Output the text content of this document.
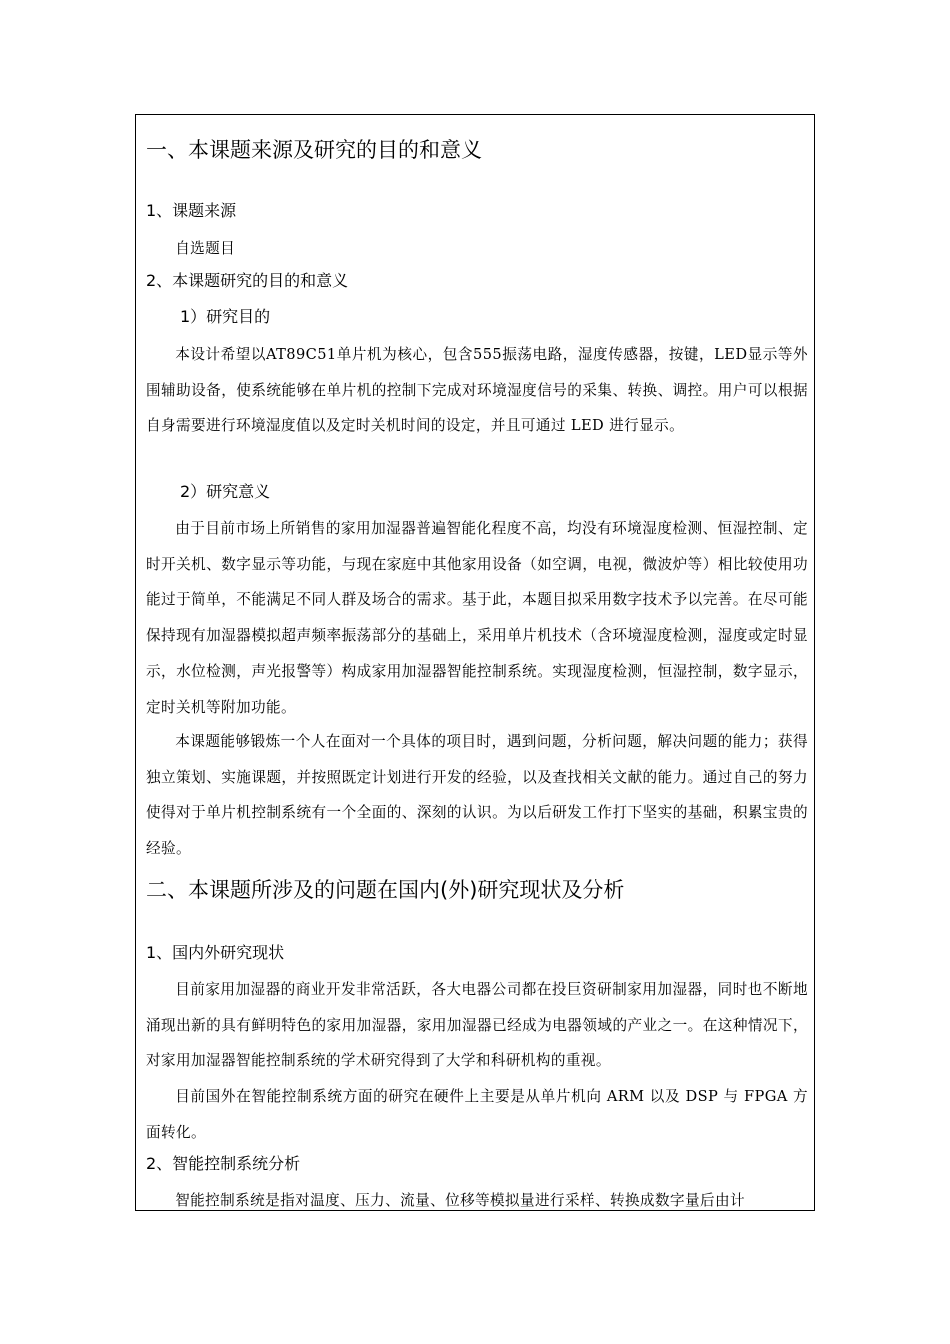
一、本课题来源及研究的目的和意义
1、课题来源
自选题目
2、本课题研究的目的和意义
1）研究目的
本设计希望以AT89C51单片机为核心，包含555振荡电路，湿度传感器，按键，LED显示等外围辅助设备，使系统能够在单片机的控制下完成对环境湿度信号的采集、转换、调控。用户可以根据自身需要进行环境湿度值以及定时关机时间的设定，并且可通过 LED 进行显示。
2）研究意义
由于目前市场上所销售的家用加湿器普遍智能化程度不高，均没有环境湿度检测、恒湿控制、定时开关机、数字显示等功能，与现在家庭中其他家用设备（如空调，电视，微波炉等）相比较使用功能过于简单，不能满足不同人群及场合的需求。基于此，本题目拟采用数字技术予以完善。在尽可能保持现有加湿器模拟超声频率振荡部分的基础上，采用单片机技术（含环境湿度检测，湿度或定时显示，水位检测，声光报警等）构成家用加湿器智能控制系统。实现湿度检测，恒湿控制，数字显示，定时关机等附加功能。
本课题能够锻炼一个人在面对一个具体的项目时，遇到问题，分析问题，解决问题的能力；获得独立策划、实施课题，并按照既定计划进行开发的经验，以及查找相关文献的能力。通过自己的努力使得对于单片机控制系统有一个全面的、深刻的认识。为以后研发工作打下坚实的基础，积累宝贵的经验。
二、本课题所涉及的问题在国内(外)研究现状及分析
1、国内外研究现状
目前家用加湿器的商业开发非常活跃，各大电器公司都在投巨资研制家用加湿器，同时也不断地涌现出新的具有鲜明特色的家用加湿器，家用加湿器已经成为电器领域的产业之一。在这种情况下，对家用加湿器智能控制系统的学术研究得到了大学和科研机构的重视。
目前国外在智能控制系统方面的研究在硬件上主要是从单片机向 ARM 以及 DSP 与 FPGA 方面转化。
2、智能控制系统分析
智能控制系统是指对温度、压力、流量、位移等模拟量进行采样、转换成数字量后由计
